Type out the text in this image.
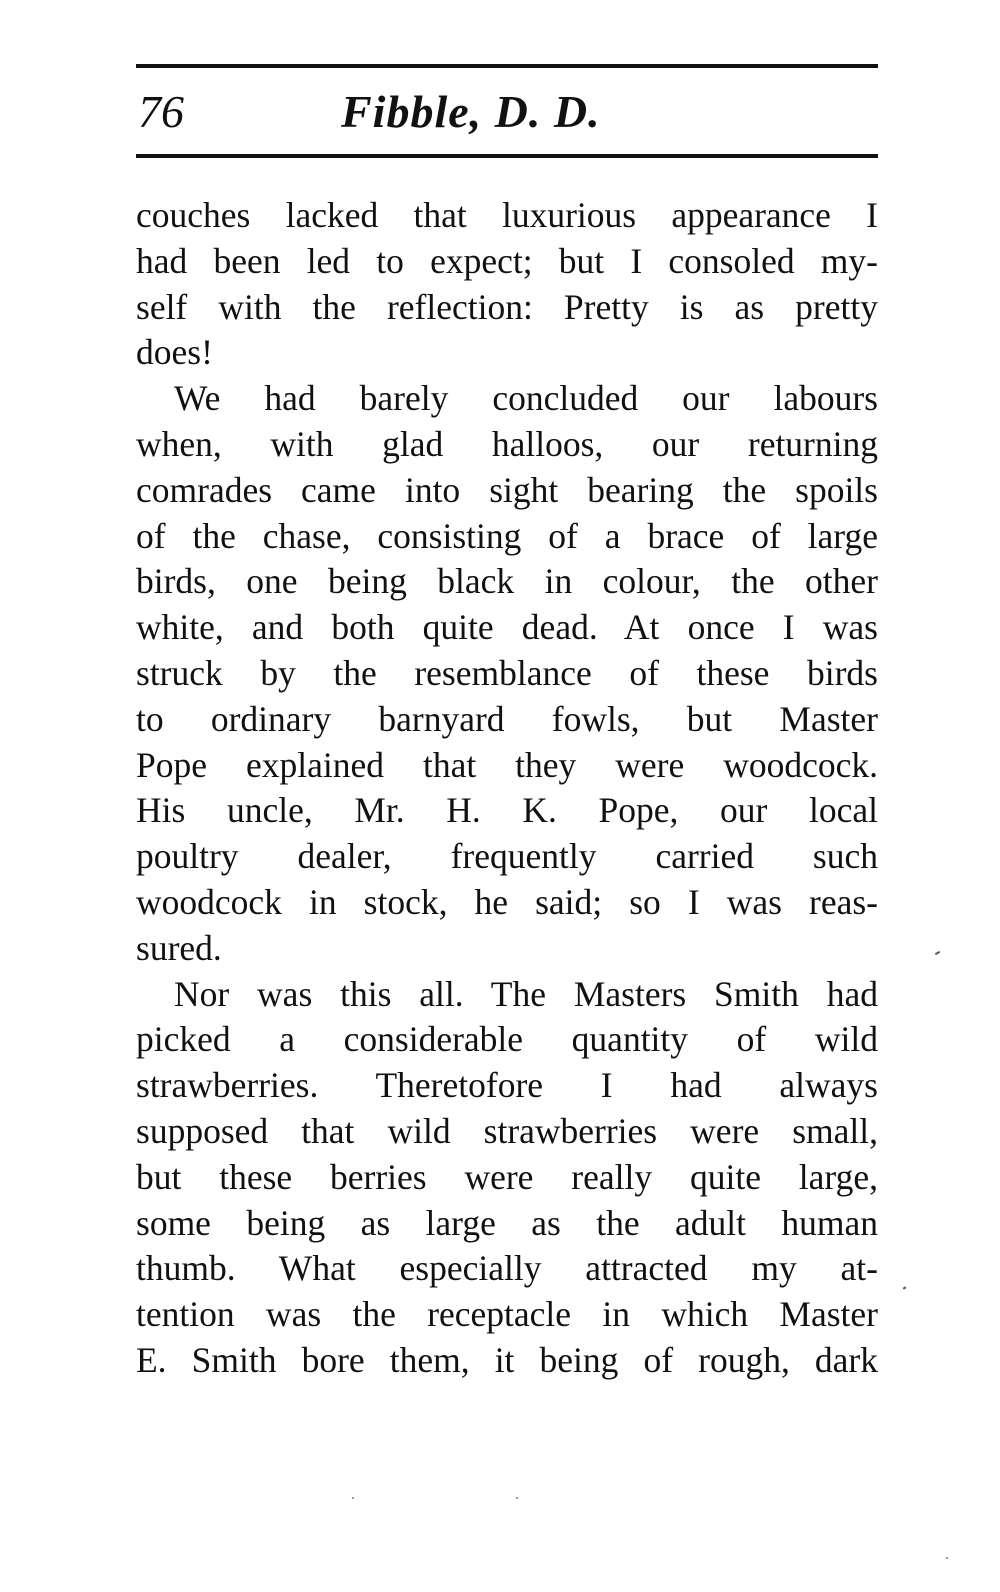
76	Fibble, D. D.
couches lacked that luxurious appearance I
had been led to expect; but I consoled my-
self with the reflection: Pretty is as pretty
does!
We had barely concluded our labours
when, with glad halloos, our returning
comrades came into sight bearing the spoils
of the chase, consisting of a brace of large
birds, one being black in colour, the other
white, and both quite dead. At once I was
struck by the resemblance of these birds
to ordinary barnyard fowls, but Master
Pope explained that they were woodcock.
His uncle, Mr. H. K. Pope, our local
poultry dealer, frequently carried such
woodcock in stock, he said; so I was reas-
sured.
Nor was this all. The Masters Smith had
picked a considerable quantity of wild
strawberries. Theretofore I had always
supposed that wild strawberries were small,
but these berries were really quite large,
some being as large as the adult human
thumb. What especially attracted my at-
tention was the receptacle in which Master
E. Smith bore them, it being of rough, dark
